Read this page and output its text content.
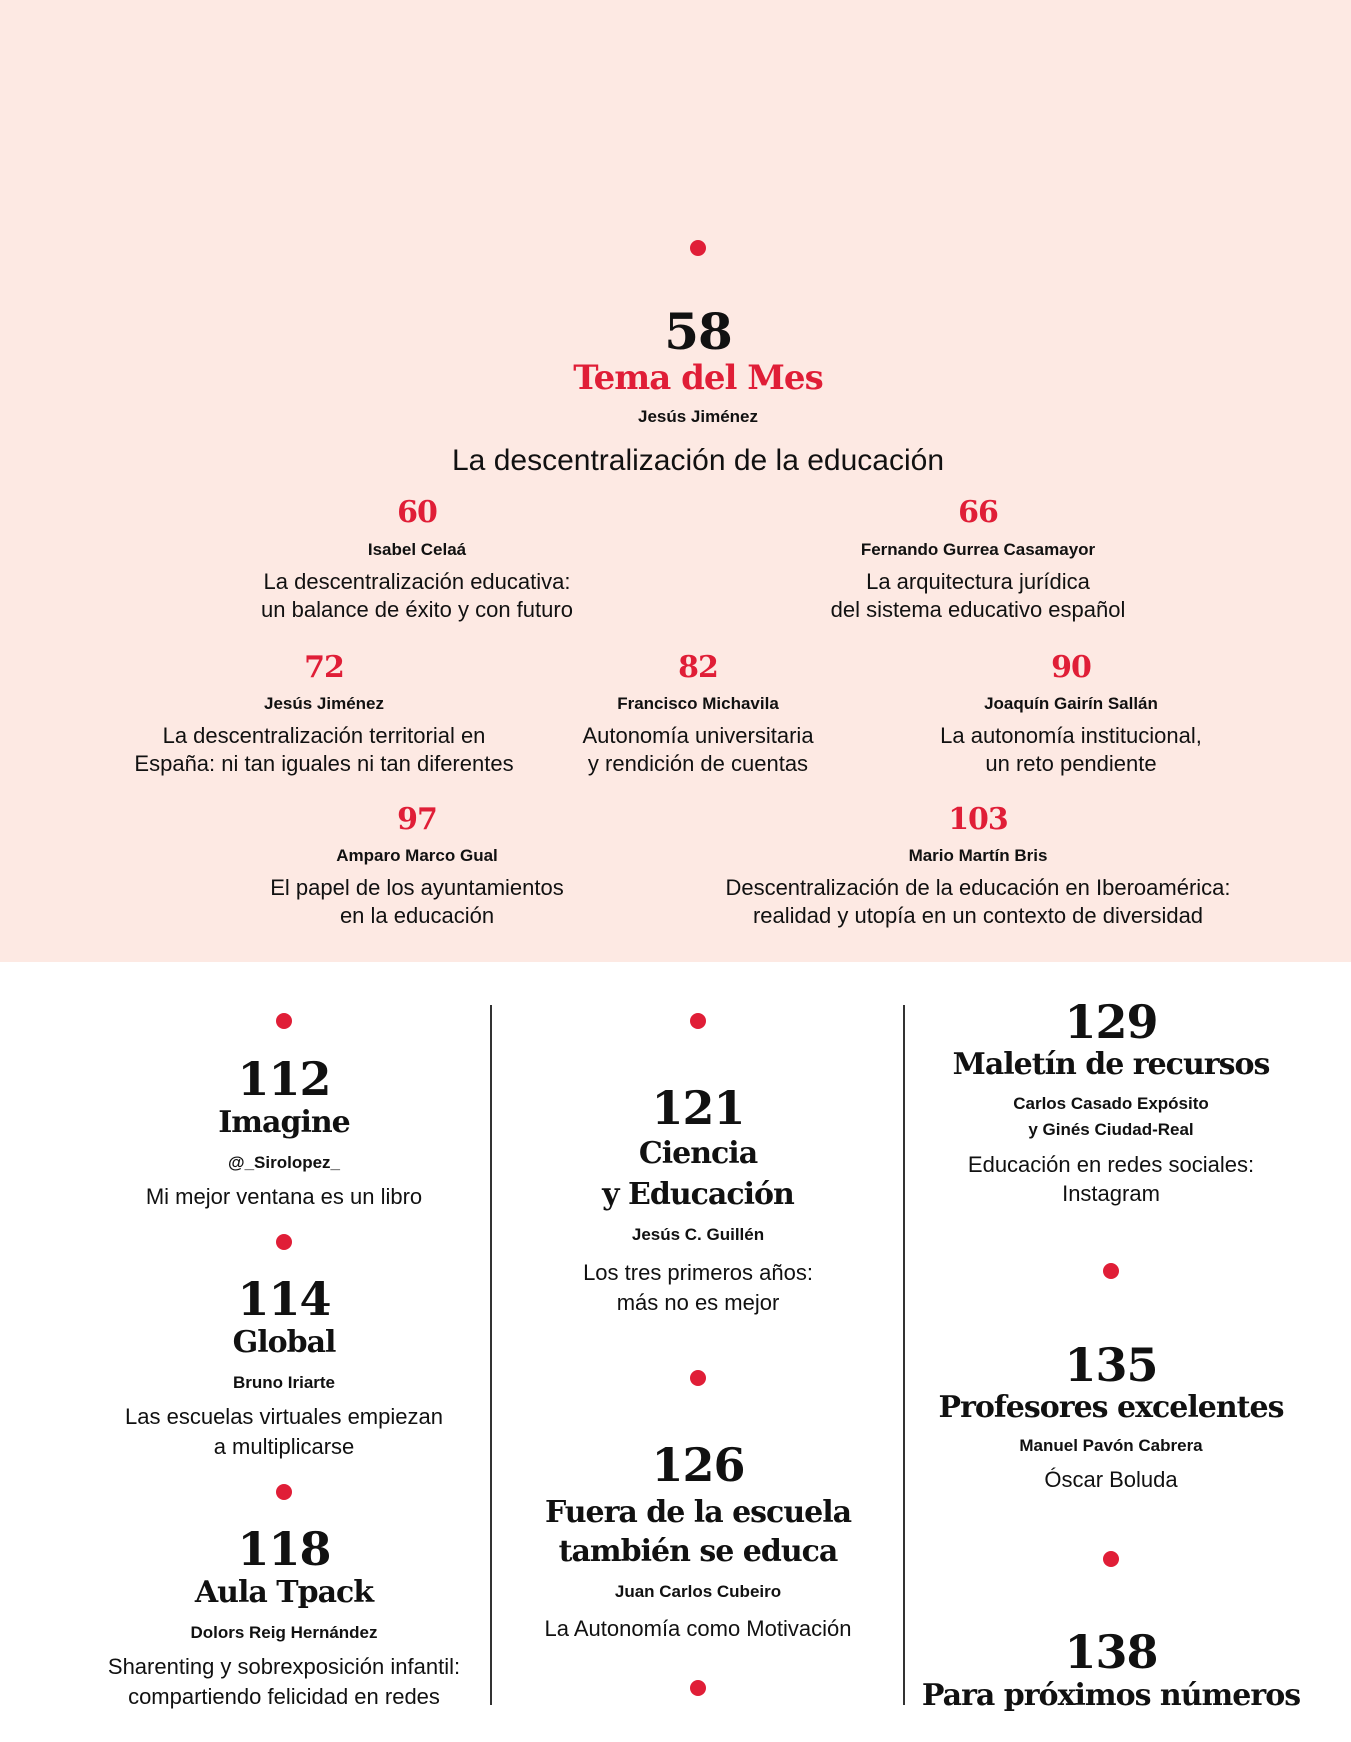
58
Tema del Mes
Jesús Jiménez
La descentralización de la educación
60
Isabel Celaá
La descentralización educativa:
un balance de éxito y con futuro
66
Fernando Gurrea Casamayor
La arquitectura jurídica
del sistema educativo español
72
Jesús Jiménez
La descentralización territorial en
España: ni tan iguales ni tan diferentes
82
Francisco Michavila
Autonomía universitaria
y rendición de cuentas
90
Joaquín Gairín Sallán
La autonomía institucional,
un reto pendiente
97
Amparo Marco Gual
El papel de los ayuntamientos
en la educación
103
Mario Martín Bris
Descentralización de la educación en Iberoamérica:
realidad y utopía en un contexto de diversidad
112
Imagine
@_Sirolopez_
Mi mejor ventana es un libro
114
Global
Bruno Iriarte
Las escuelas virtuales empiezan
a multiplicarse
118
Aula Tpack
Dolors Reig Hernández
Sharenting y sobrexposición infantil:
compartiendo felicidad en redes
121
Ciencia
y Educación
Jesús C. Guillén
Los tres primeros años:
más no es mejor
126
Fuera de la escuela
también se educa
Juan Carlos Cubeiro
La Autonomía como Motivación
129
Maletín de recursos
Carlos Casado Expósito
y Ginés Ciudad-Real
Educación en redes sociales:
Instagram
135
Profesores excelentes
Manuel Pavón Cabrera
Óscar Boluda
138
Para próximos números
